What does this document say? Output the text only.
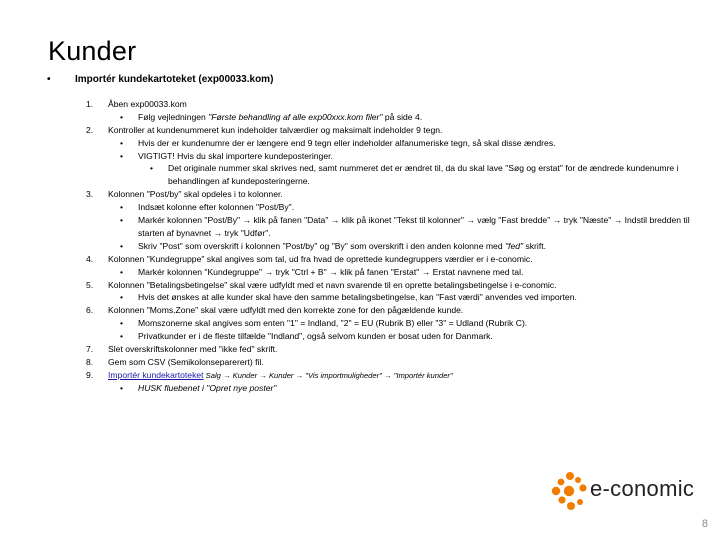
Kunder
• Importér kundekartoteket (exp00033.kom)
1.	Åben exp00033.kom
• Følg vejledningen "Første behandling af alle exp00xxx.kom filer" på side 4.
2.	Kontroller at kundenummeret kun indeholder talværdier og maksimalt indeholder 9 tegn.
• Hvis der er kundenumre der er længere end 9 tegn eller indeholder alfanumeriske tegn, så skal disse ændres.
• VIGTIGT! Hvis du skal importere kundeposteringer.
• Det originale nummer skal skrives ned, samt nummeret det er ændret til, da du skal lave "Søg og erstat" for de ændrede kundenumre i behandlingen af kundeposteringerne.
3.	Kolonnen "Post/by" skal opdeles i to kolonner.
• Indsæt kolonne efter kolonnen "Post/By".
• Markér kolonnen "Post/By" → klik på fanen "Data" → klik på ikonet "Tekst til kolonner" → vælg "Fast bredde" → tryk "Næste" → Indstil bredden til starten af bynavnet → tryk "Udfør".
• Skriv "Post" som overskrift i kolonnen "Post/by" og "By" som overskrift i den anden kolonne med "fed" skrift.
4.	Kolonnen "Kundegruppe" skal angives som tal, ud fra hvad de oprettede kundegruppers værdier er i e-conomic.
• Markér kolonnen "Kundegruppe" → tryk "Ctrl + B" → klik på fanen "Erstat" → Erstat navnene med tal.
5.	Kolonnen "Betalingsbetingelse" skal være udfyldt med et navn svarende til en oprette betalingsbetingelse i e-conomic.
• Hvis det ønskes at alle kunder skal have den samme betalingsbetingelse, kan "Fast værdi" anvendes ved importen.
6.	Kolonnen "Moms.Zone" skal være udfyldt med den korrekte zone for den pågældende kunde.
• Momszonerne skal angives som enten "1" = Indland, "2" = EU (Rubrik B) eller "3" = Udland (Rubrik C).
• Privatkunder er i de fleste tilfælde "Indland", også selvom kunden er bosat uden for Danmark.
7.	Slet overskriftskolonner med "ikke fed" skrift.
8.	Gem som CSV (Semikolonseparerert) fil.
9.	Importér kundekartoteket Salg → Kunder → Kunder → "Vis importmuligheder" → "Importér kunder"
• HUSK fluebenet i "Opret nye poster"
e-conomic
8
